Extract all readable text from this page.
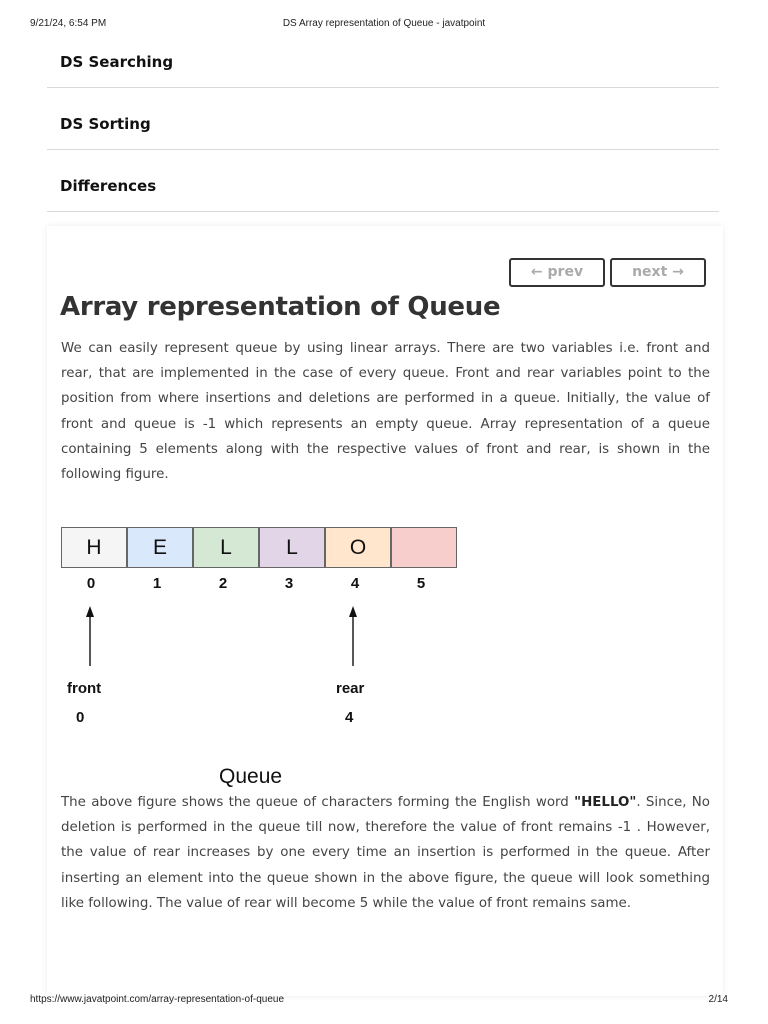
9/21/24, 6:54 PM	DS Array representation of Queue - javatpoint
DS Searching
DS Sorting
Differences
← prev	next →
Array representation of Queue

We can easily represent queue by using linear arrays. There are two variables i.e. front and rear, that are implemented in the case of every queue. Front and rear variables point to the position from where insertions and deletions are performed in a queue. Initially, the value of front and queue is -1 which represents an empty queue. Array representation of a queue containing 5 elements along with the respective values of front and rear, is shown in the following figure.

H	E	L	L	O
0	1	2	3	4	5
front
0
rear
4
Queue

The above figure shows the queue of characters forming the English word "HELLO". Since, No deletion is performed in the queue till now, therefore the value of front remains -1 . However, the value of rear increases by one every time an insertion is performed in the queue. After inserting an element into the queue shown in the above figure, the queue will look something like following. The value of rear will become 5 while the value of front remains same.

https://www.javatpoint.com/array-representation-of-queue	2/14
